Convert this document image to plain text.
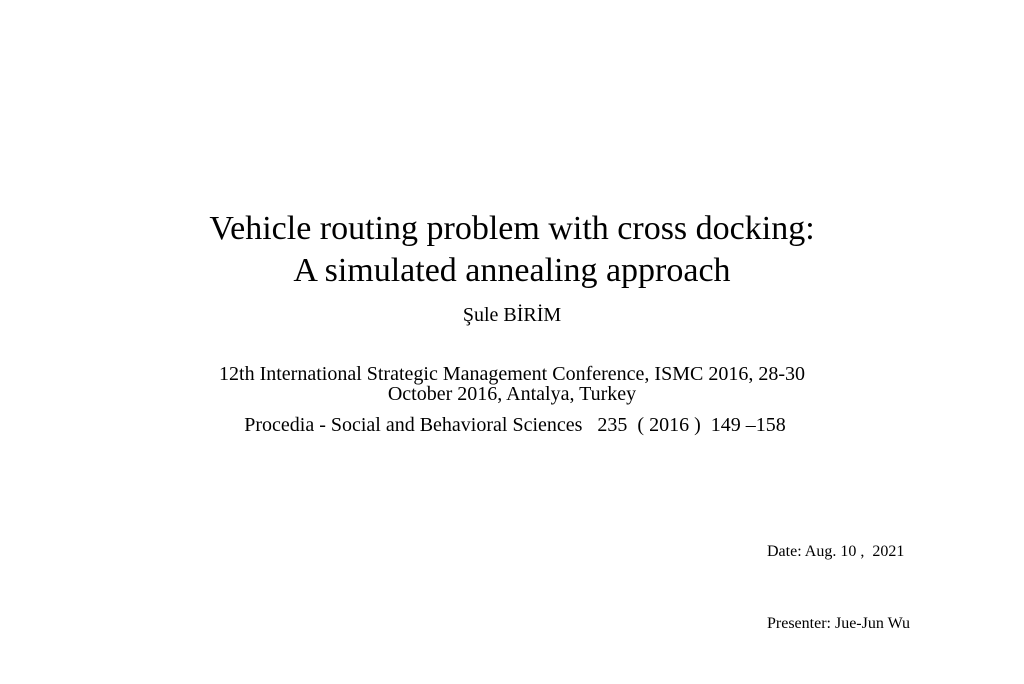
Vehicle routing problem with cross docking:
A simulated annealing approach
Şule BİRİM
12th International Strategic Management Conference, ISMC 2016, 28-30
October 2016, Antalya, Turkey
Procedia - Social and Behavioral Sciences   235  ( 2016 )  149 –158

Date: Aug. 10 ,  2021

Presenter: Jue-Jun Wu
